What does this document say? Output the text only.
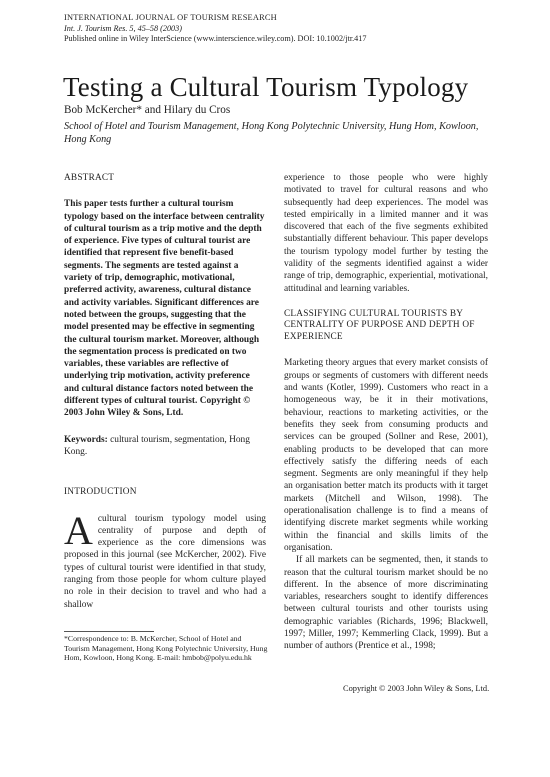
INTERNATIONAL JOURNAL OF TOURISM RESEARCH
Int. J. Tourism Res. 5, 45–58 (2003)
Published online in Wiley InterScience (www.interscience.wiley.com). DOI: 10.1002/jtr.417
Testing a Cultural Tourism Typology
Bob McKercher* and Hilary du Cros
School of Hotel and Tourism Management, Hong Kong Polytechnic University, Hung Hom, Kowloon, Hong Kong
ABSTRACT
This paper tests further a cultural tourism typology based on the interface between centrality of cultural tourism as a trip motive and the depth of experience. Five types of cultural tourist are identified that represent five benefit-based segments. The segments are tested against a variety of trip, demographic, motivational, preferred activity, awareness, cultural distance and activity variables. Significant differences are noted between the groups, suggesting that the model presented may be effective in segmenting the cultural tourism market. Moreover, although the segmentation process is predicated on two variables, these variables are reflective of underlying trip motivation, activity preference and cultural distance factors noted between the different types of cultural tourist. Copyright © 2003 John Wiley & Sons, Ltd.
Keywords: cultural tourism, segmentation, Hong Kong.
INTRODUCTION
Acultural tourism typology model using centrality of purpose and depth of experience as the core dimensions was proposed in this journal (see McKercher, 2002). Five types of cultural tourist were identified in that study, ranging from those people for whom culture played no role in their decision to travel and who had a shallow
*Correspondence to: B. McKercher, School of Hotel and Tourism Management, Hong Kong Polytechnic University, Hung Hom, Kowloon, Hong Kong. E-mail: hmbob@polyu.edu.hk

experience to those people who were highly motivated to travel for cultural reasons and who subsequently had deep experiences. The model was tested empirically in a limited manner and it was discovered that each of the five segments exhibited substantially different behaviour. This paper develops the tourism typology model further by testing the validity of the segments identified against a wider range of trip, demographic, experiential, motivational, attitudinal and learning variables.

CLASSIFYING CULTURAL TOURISTS BY CENTRALITY OF PURPOSE AND DEPTH OF EXPERIENCE

Marketing theory argues that every market consists of groups or segments of customers with different needs and wants (Kotler, 1999). Customers who react in a homogeneous way, be it in their motivations, behaviour, reactions to marketing activities, or the benefits they seek from consuming products and services can be grouped (Sollner and Rese, 2001), enabling products to be developed that can more effectively satisfy the differing needs of each segment. Segments are only meaningful if they help an organisation better match its products with it target markets (Mitchell and Wilson, 1998). The operationalisation challenge is to find a means of identifying discrete market segments while working within the financial and skills limits of the organisation.

If all markets can be segmented, then, it stands to reason that the cultural tourism market should be no different. In the absence of more discriminating variables, researchers sought to identify differences between cultural tourists and other tourists using demographic variables (Richards, 1996; Blackwell, 1997; Miller, 1997; Kemmerling Clack, 1999). But a number of authors (Prentice et al., 1998;

Copyright © 2003 John Wiley & Sons, Ltd.
